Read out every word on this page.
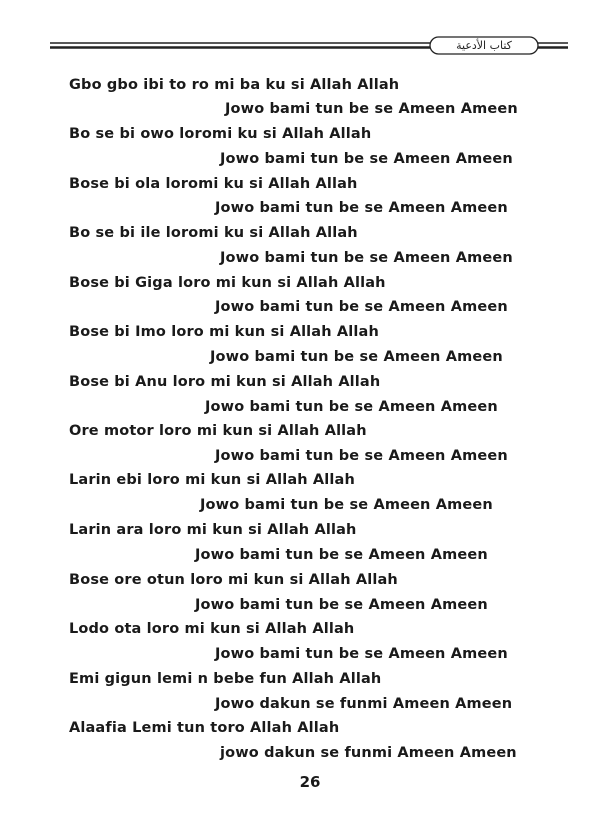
كتاب الأدعية

Gbo gbo ibi to ro mi ba ku si Allah Allah

Jowo bami tun be se Ameen Ameen

Bo se bi owo loromi ku si Allah Allah

Jowo bami tun be se Ameen Ameen

Bose bi ola loromi ku si Allah Allah

Jowo bami tun be se Ameen Ameen

Bo se bi ile loromi ku si Allah Allah

Jowo bami tun be se Ameen Ameen

Bose bi Giga loro mi kun si Allah Allah

Jowo bami tun be se Ameen Ameen

Bose bi Imo loro mi kun si Allah Allah

Jowo bami tun be se Ameen Ameen

Bose bi Anu loro mi kun si Allah Allah

Jowo bami tun be se Ameen Ameen

Ore motor loro mi kun si Allah Allah

Jowo bami tun be se Ameen Ameen

Larin ebi loro mi kun si Allah Allah

Jowo bami tun be se Ameen Ameen

Larin ara loro mi kun si Allah Allah

Jowo bami tun be se Ameen Ameen

Bose ore otun loro mi kun si Allah Allah

Jowo bami tun be se Ameen Ameen

Lodo ota loro mi kun si Allah Allah

Jowo bami tun be se Ameen Ameen

Emi gigun lemi n bebe fun Allah Allah

Jowo dakun se funmi Ameen Ameen

Alaafia Lemi tun toro Allah Allah

jowo dakun se funmi Ameen Ameen

26
